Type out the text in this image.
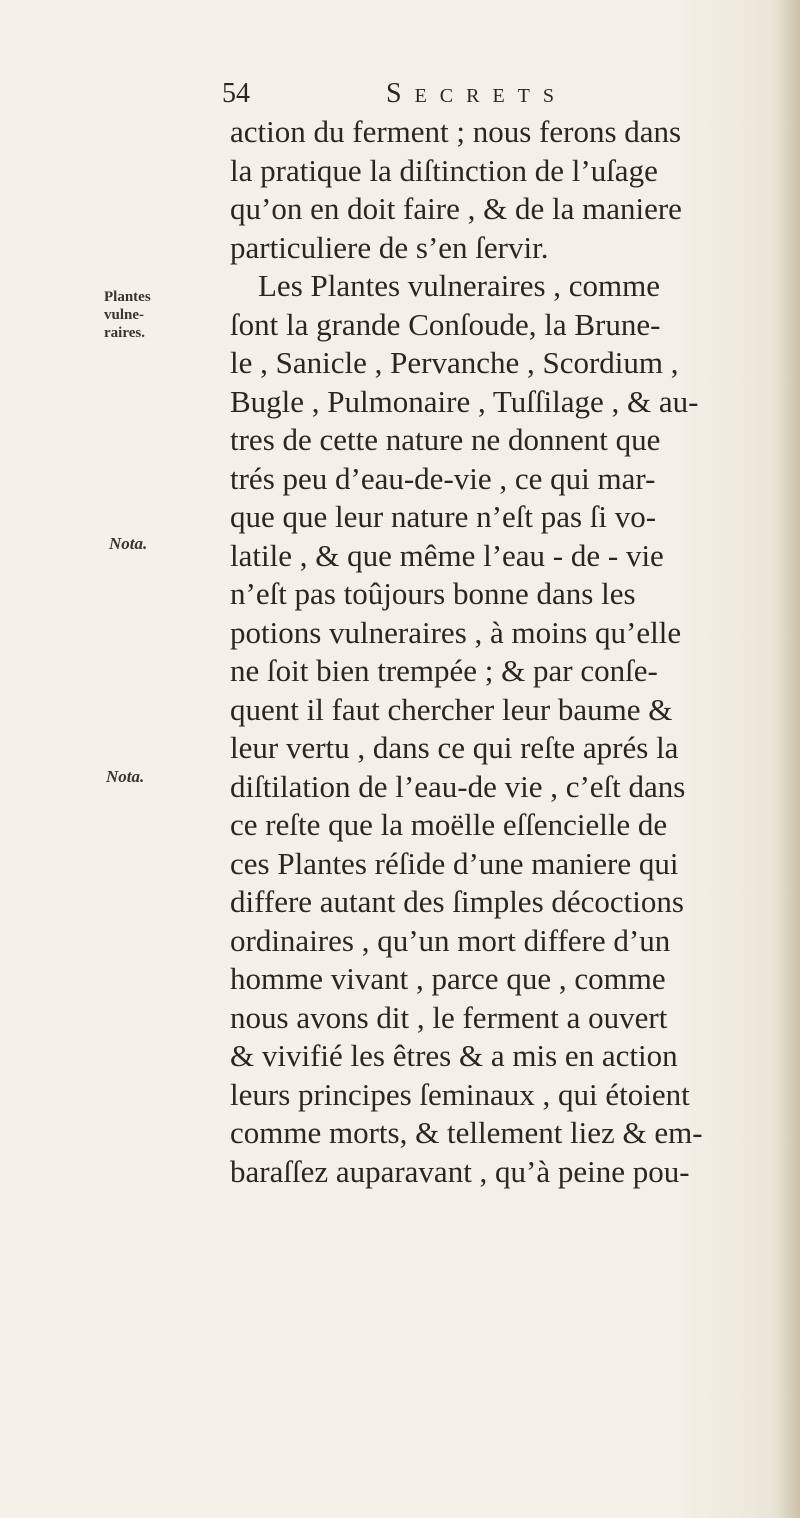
54	Secrets
Plantes
vulne-
raires.
Nota.
Nota.
action du ferment ; nous ferons dans
la pratique la diſtinction de l’uſage
qu’on en doit faire , & de la maniere
particuliere de s’en ſervir.
Les Plantes vulneraires , comme
ſont la grande Conſoude, la Brune-
le , Sanicle , Pervanche , Scordium ,
Bugle , Pulmonaire , Tuſſilage , & au-
tres de cette nature ne donnent que
trés peu d’eau-de-vie , ce qui mar-
que que leur nature n’eſt pas ſi vo-
latile , & que même l’eau - de - vie
n’eſt pas toûjours bonne dans les
potions vulneraires , à moins qu’elle
ne ſoit bien trempée ; & par conſe-
quent il faut chercher leur baume &
leur vertu , dans ce qui reſte aprés la
diſtilation de l’eau-de vie , c’eſt dans
ce reſte que la moëlle eſſencielle de
ces Plantes réſide d’une maniere qui
differe autant des ſimples décoctions
ordinaires , qu’un mort differe d’un
homme vivant , parce que , comme
nous avons dit , le ferment a ouvert
& vivifié les êtres & a mis en action
leurs principes ſeminaux , qui étoient
comme morts, & tellement liez & em-
baraſſez auparavant , qu’à peine pou-
